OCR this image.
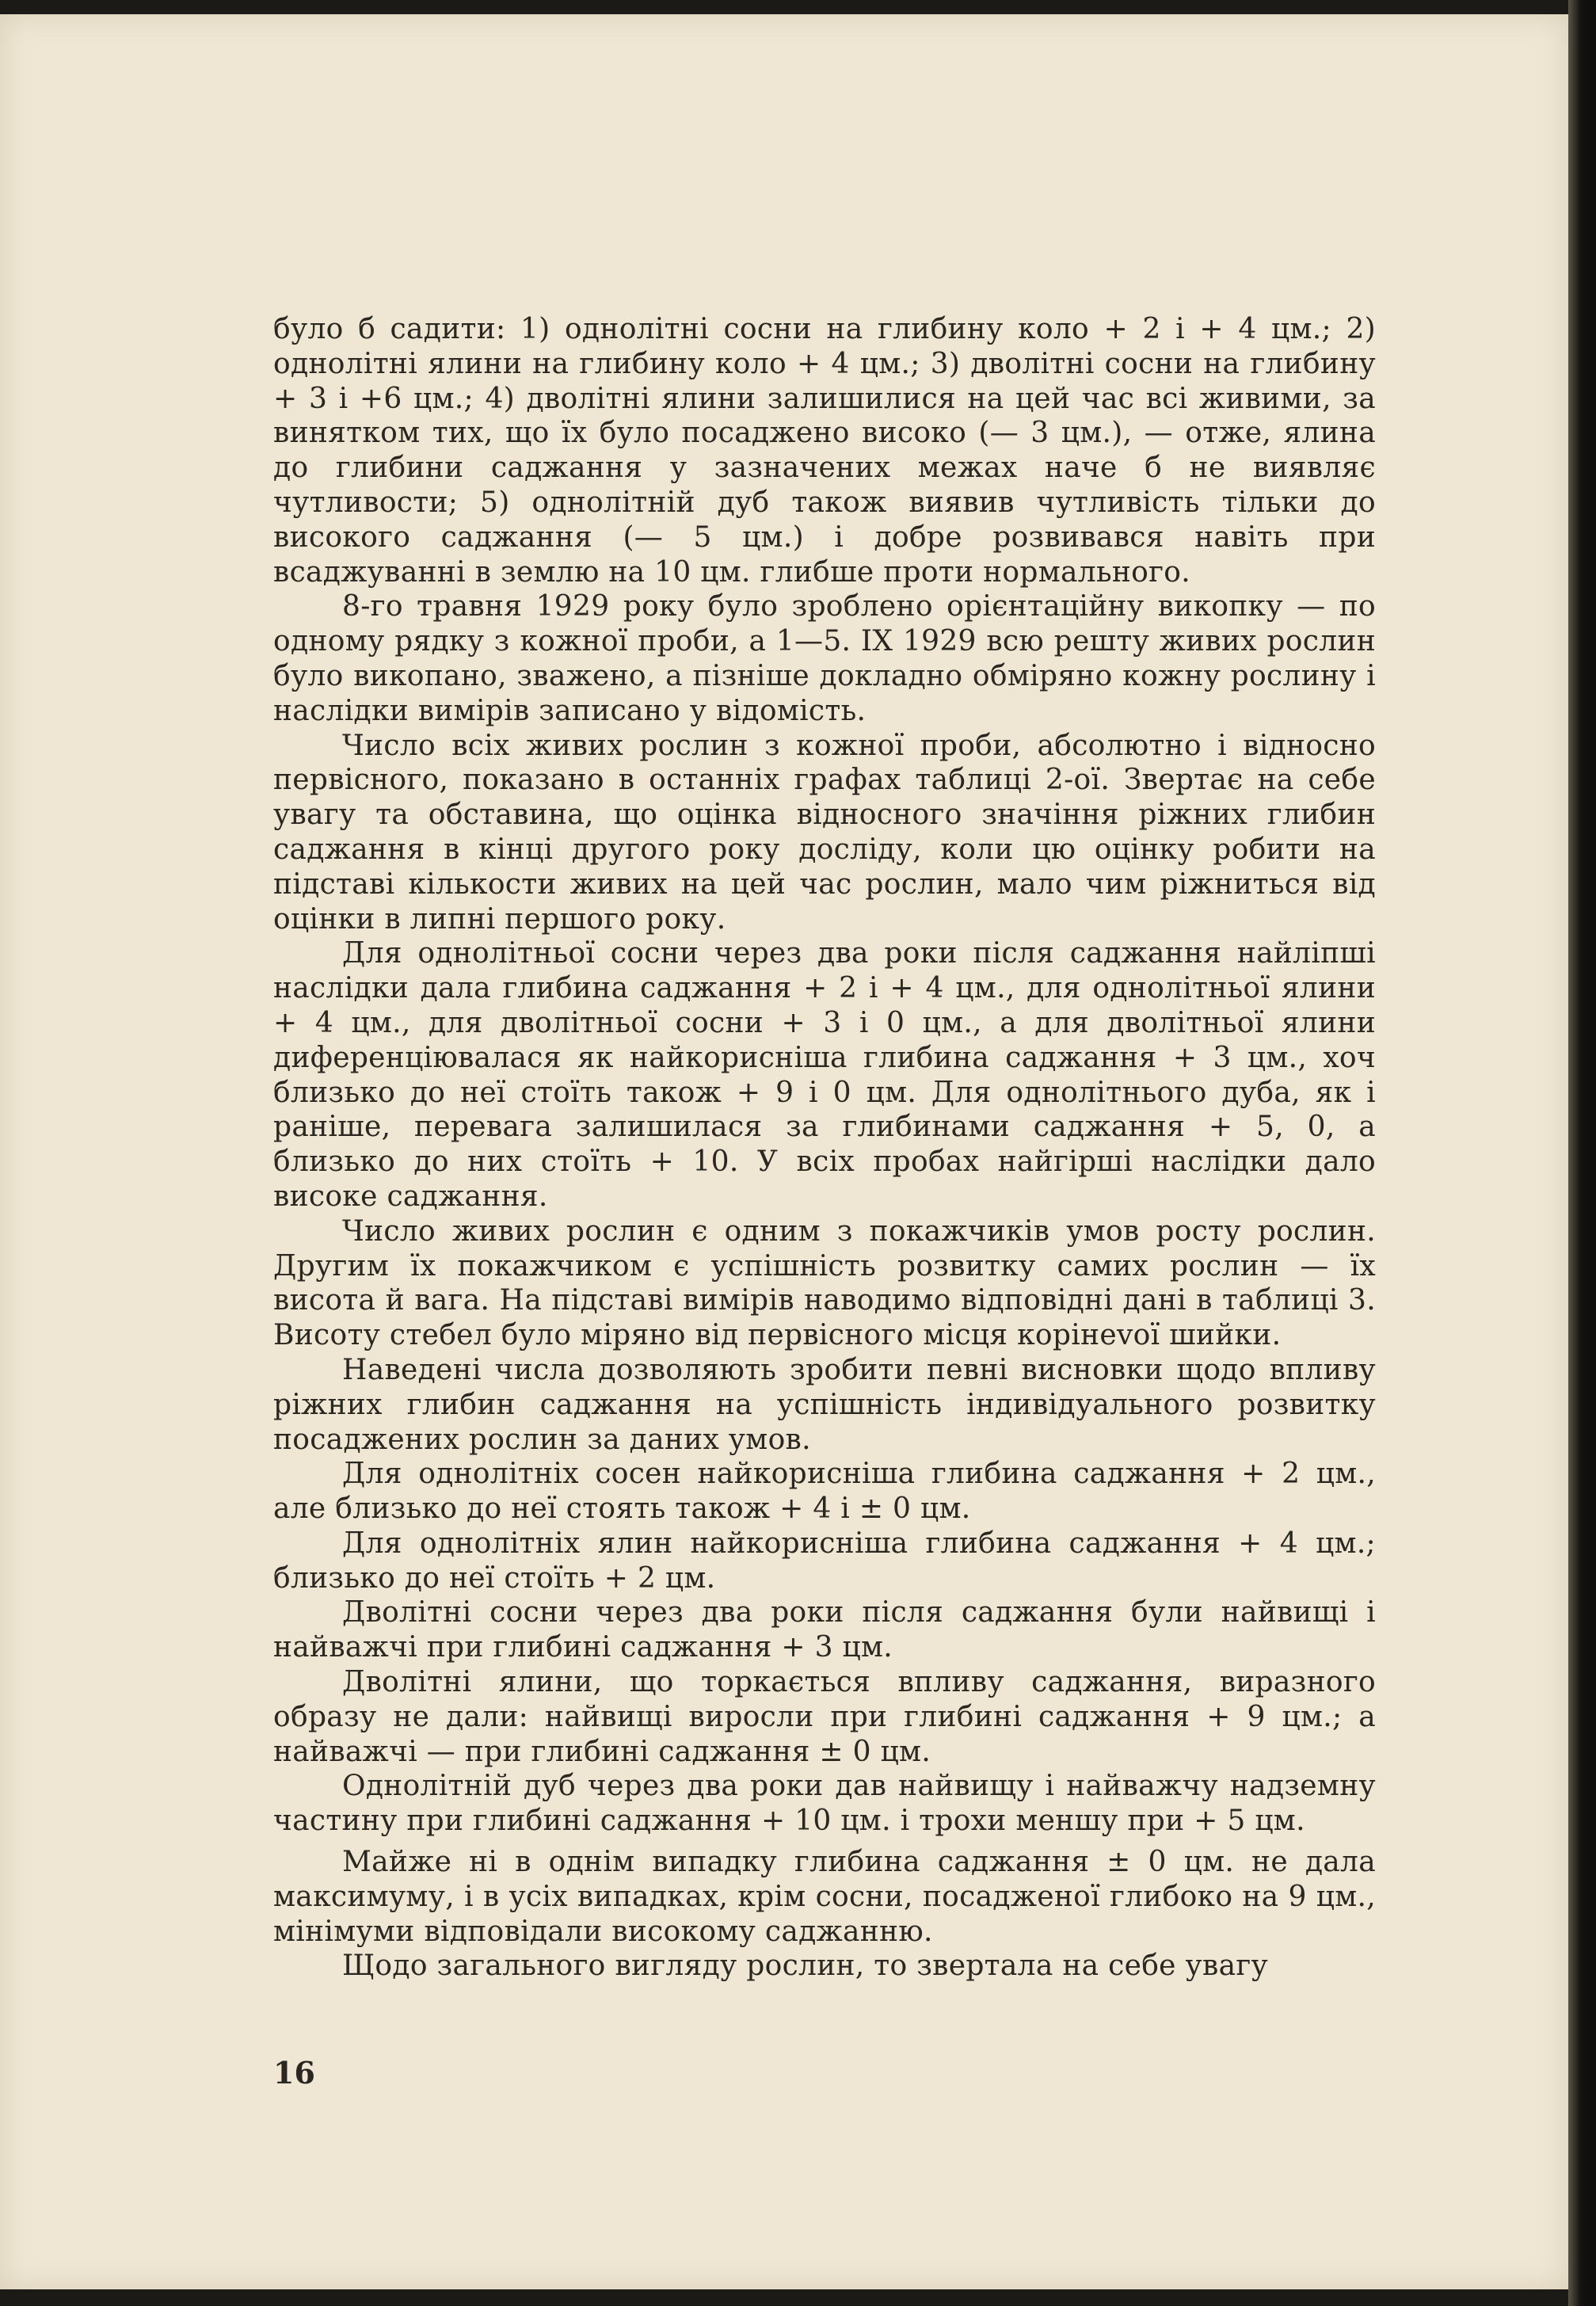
було б садити: 1) однолітні сосни на глибину коло + 2 і + 4 цм.; 2) однолітні ялини на глибину коло + 4 цм.; 3) дволітні сосни на глибину + 3 і +6 цм.; 4) дволітні ялини залишилися на цей час всі живими, за винятком тих, що їх було посаджено високо (— 3 цм.), — отже, ялина до глибини саджання у зазначених межах наче б не виявляє чутливости; 5) однолітній дуб також виявив чутливість тільки до високого саджання (— 5 цм.) і добре розвивався навіть при всаджуванні в землю на 10 цм. глибше проти нормального.

8-го травня 1929 року було зроблено орієнтаційну викопку — по одному рядку з кожної проби, а 1—5. IX 1929 всю решту живих рослин було викопано, зважено, а пізніше докладно обміряно кожну рослину і наслідки вимірів записано у відомість.

Число всіх живих рослин з кожної проби, абсолютно і відносно первісного, показано в останніх графах таблиці 2-ої. Звертає на себе увагу та обставина, що оцінка відносного значіння ріжних глибин саджання в кінці другого року досліду, коли цю оцінку робити на підставі кількости живих на цей час рослин, мало чим ріжниться від оцінки в липні першого року.

Для однолітньої сосни через два роки після саджання найліпші наслідки дала глибина саджання + 2 і + 4 цм., для однолітньої ялини + 4 цм., для дволітньої сосни + 3 і 0 цм., а для дволітньої ялини диференціювалася як найкорисніша глибина саджання + 3 цм., хоч близько до неї стоїть також + 9 і 0 цм. Для однолітнього дуба, як і раніше, перевага залишилася за глибинами саджання + 5, 0, а близько до них стоїть + 10. У всіх пробах найгірші наслідки дало високе саджання.

Число живих рослин є одним з покажчиків умов росту рослин. Другим їх покажчиком є успішність розвитку самих рослин — їх висота й вага. На підставі вимірів наводимо відповідні дані в таблиці 3. Висоту стебел було міряно від первісного місця корінevoї шийки.

Наведені числа дозволяють зробити певні висновки щодо впливу ріжних глибин саджання на успішність індивідуального розвитку посаджених рослин за даних умов.

Для однолітніх сосен найкорисніша глибина саджання + 2 цм., але близько до неї стоять також + 4 і ± 0 цм.

Для однолітніх ялин найкорисніша глибина саджання + 4 цм.; близько до неї стоїть + 2 цм.

Дволітні сосни через два роки після саджання були найвищі і найважчі при глибині саджання + 3 цм.

Дволітні ялини, що торкається впливу саджання, виразного образу не дали: найвищі виросли при глибині саджання + 9 цм.; а найважчі — при глибині саджання ± 0 цм.

Однолітній дуб через два роки дав найвищу і найважчу надземну частину при глибині саджання + 10 цм. і трохи меншу при + 5 цм.

Майже ні в однім випадку глибина саджання ± 0 цм. не дала максимуму, і в усіх випадках, крім сосни, посадженої глибоко на 9 цм., мінімуми відповідали високому саджанню.

Щодо загального вигляду рослин, то звертала на себе увагу

16
